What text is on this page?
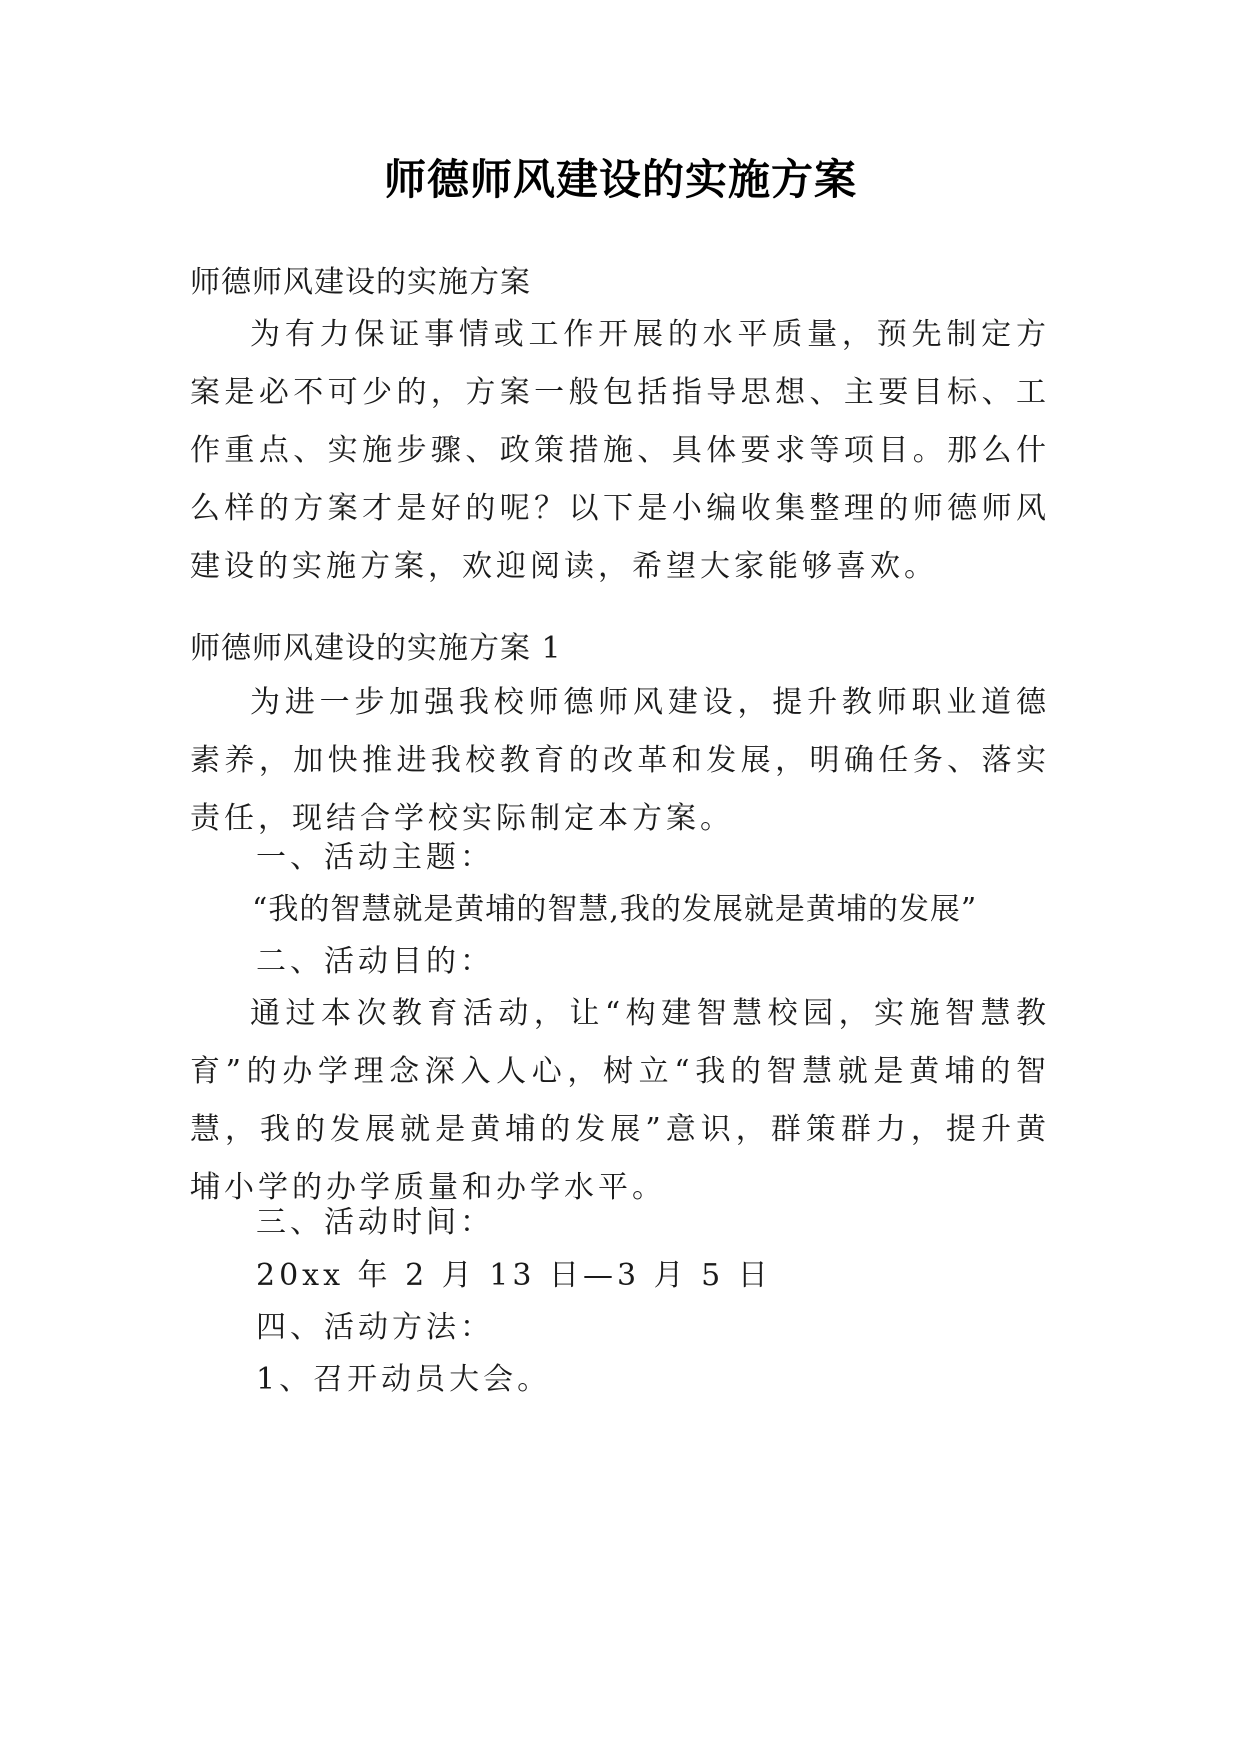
师德师风建设的实施方案

师德师风建设的实施方案

为有力保证事情或工作开展的水平质量，预先制定方案是必不可少的，方案一般包括指导思想、主要目标、工作重点、实施步骤、政策措施、具体要求等项目。那么什么样的方案才是好的呢？以下是小编收集整理的师德师风建设的实施方案，欢迎阅读，希望大家能够喜欢。

师德师风建设的实施方案 1

为进一步加强我校师德师风建设，提升教师职业道德素养，加快推进我校教育的改革和发展，明确任务、落实责任，现结合学校实际制定本方案。

一、活动主题：

“我的智慧就是黄埔的智慧,我的发展就是黄埔的发展”

二、活动目的：

通过本次教育活动，让“构建智慧校园，实施智慧教育”的办学理念深入人心，树立“我的智慧就是黄埔的智慧，我的发展就是黄埔的发展”意识，群策群力，提升黄埔小学的办学质量和办学水平。

三、活动时间：

20xx 年 2 月 13 日—3 月 5 日

四、活动方法：

1、召开动员大会。
